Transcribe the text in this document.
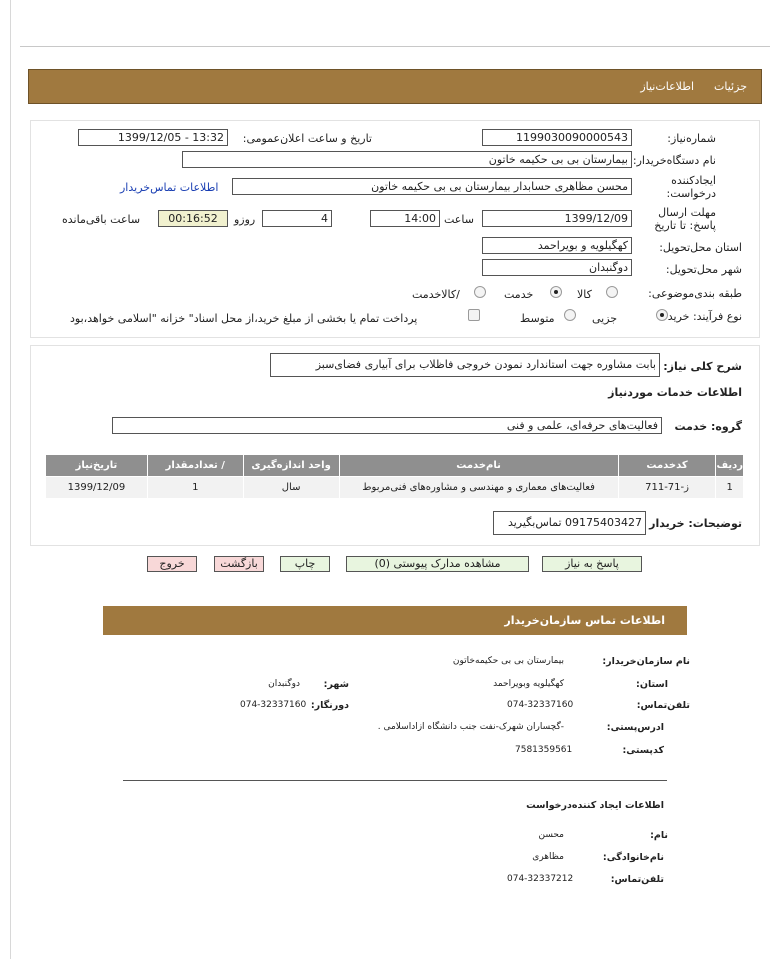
جزئیات
اطلاعات‌نیاز
شماره‌نیاز:
1199030090000543
تاریخ و ساعت اعلان‌عمومی:
1399/12/05 - 13:32
نام دستگاه‌خریدار:
بیمارستان بی بی حکیمه خاتون
ایجادکننده درخواست:
محسن مظاهری حسابدار بیمارستان بی بی حکیمه خاتون
اطلاعات تماس‌خریدار
مهلت ارسال پاسخ: تا تاریخ
1399/12/09
ساعت
14:00
4
روزو
00:16:52
ساعت باقی‌مانده
استان محل‌تحویل:
کهگیلویه و بویراحمد
شهر محل‌تحویل:
دوگنبدان
طبقه بندی‌موضوعی:
کالا
خدمت
/کالاخدمت
نوع فرآیند: خرید
جزیی
متوسط
پرداخت تمام یا بخشی از مبلغ خرید،از محل اسناد" خزانه "اسلامی خواهد،بود
شرح کلی نیاز:
بابت مشاوره جهت استاندارد نمودن خروجی فاظلاب برای آبیاری فضای‌سبز
اطلاعات خدمات موردنیاز
گروه: خدمت
فعالیت‌های حرفه‌ای، علمی و فنی
ردیف	کدخدمت	نام‌خدمت	واحد اندازه‌گیری	/ تعدادمقدار	تاریخ‌نیاز
1	ز-71-711	فعالیت‌های معماری و مهندسی و مشاوره‌های فنی‌مربوط	سال	1	1399/12/09
توضیحات: خریدار
09175403427 تماس‌بگیرید
پاسخ به نیاز
مشاهده مدارک پیوستی (0)
چاپ
بازگشت
خروج
اطلاعات تماس سازمان‌خریدار
نام سازمان‌خریدار:
بیمارستان بی بی حکیمه‌خاتون
استان:
کهگیلویه وبویراحمد
شهر:
دوگنبدان
تلفن‌تماس:
074-32337160
دورنگار:
074-32337160
ادرس‌پستی:
-گچساران شهرک-نفت جنب دانشگاه ازاداسلامی .
کدپستی:
7581359561
اطلاعات ایجاد کننده‌درخواست
نام:
محسن
نام‌خانوادگی:
مظاهری
تلفن‌تماس:
074-32337212
